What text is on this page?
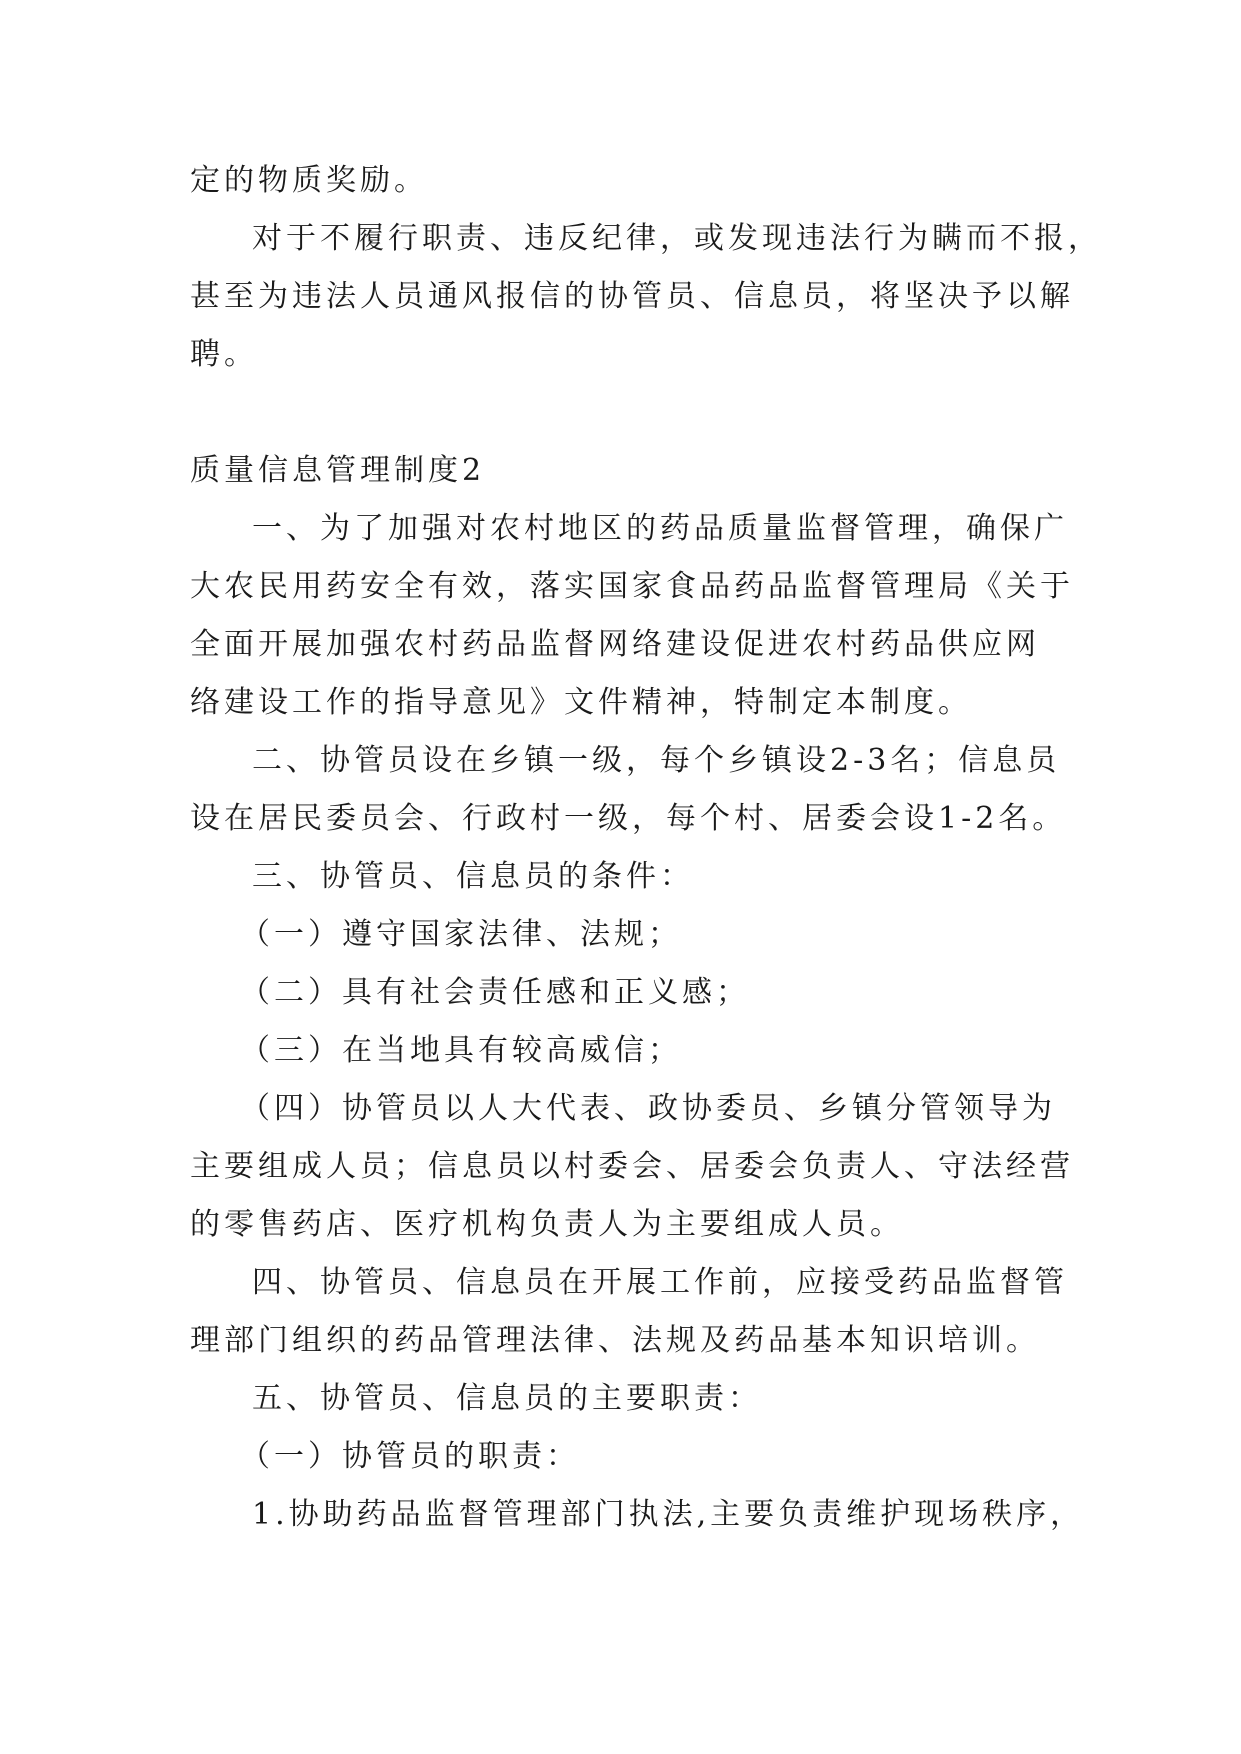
定的物质奖励。
对于不履行职责、违反纪律，或发现违法行为瞒而不报，
甚至为违法人员通风报信的协管员、信息员，将坚决予以解
聘。
质量信息管理制度2
一、为了加强对农村地区的药品质量监督管理，确保广
大农民用药安全有效，落实国家食品药品监督管理局《关于
全面开展加强农村药品监督网络建设促进农村药品供应网
络建设工作的指导意见》文件精神，特制定本制度。
二、协管员设在乡镇一级，每个乡镇设2-3名；信息员
设在居民委员会、行政村一级，每个村、居委会设1-2名。
三、协管员、信息员的条件：
（一）遵守国家法律、法规；
（二）具有社会责任感和正义感；
（三）在当地具有较高威信；
（四）协管员以人大代表、政协委员、乡镇分管领导为
主要组成人员；信息员以村委会、居委会负责人、守法经营
的零售药店、医疗机构负责人为主要组成人员。
四、协管员、信息员在开展工作前，应接受药品监督管
理部门组织的药品管理法律、法规及药品基本知识培训。
五、协管员、信息员的主要职责：
（一）协管员的职责：
1.协助药品监督管理部门执法,主要负责维护现场秩序，
